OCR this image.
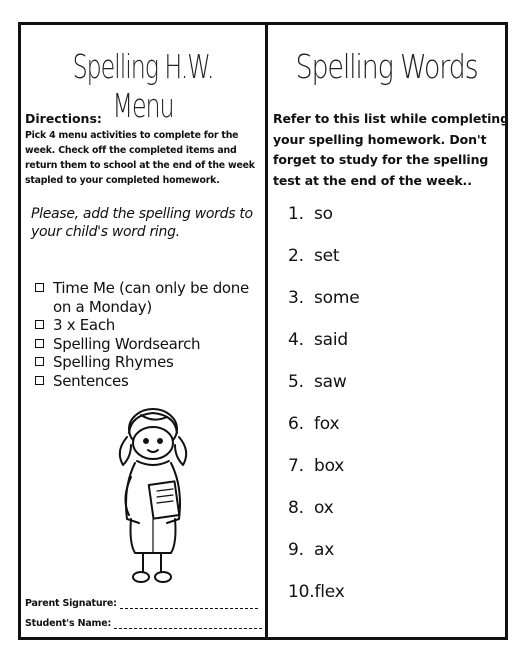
Spelling H.W. Menu
Directions:
Pick 4 menu activities to complete for the week. Check off the completed items and return them to school at the end of the week stapled to your completed homework.
Please, add the spelling words to your child's word ring.
Time Me (can only be done on a Monday)
3 x Each
Spelling Wordsearch
Spelling Rhymes
Sentences
Parent Signature:
Student's Name:
Spelling Words
Refer to this list while completing your spelling homework. Don't forget to study for the spelling test at the end of the week..
1. so
2. set
3. some
4. said
5. saw
6. fox
7. box
8. ox
9. ax
10. flex
